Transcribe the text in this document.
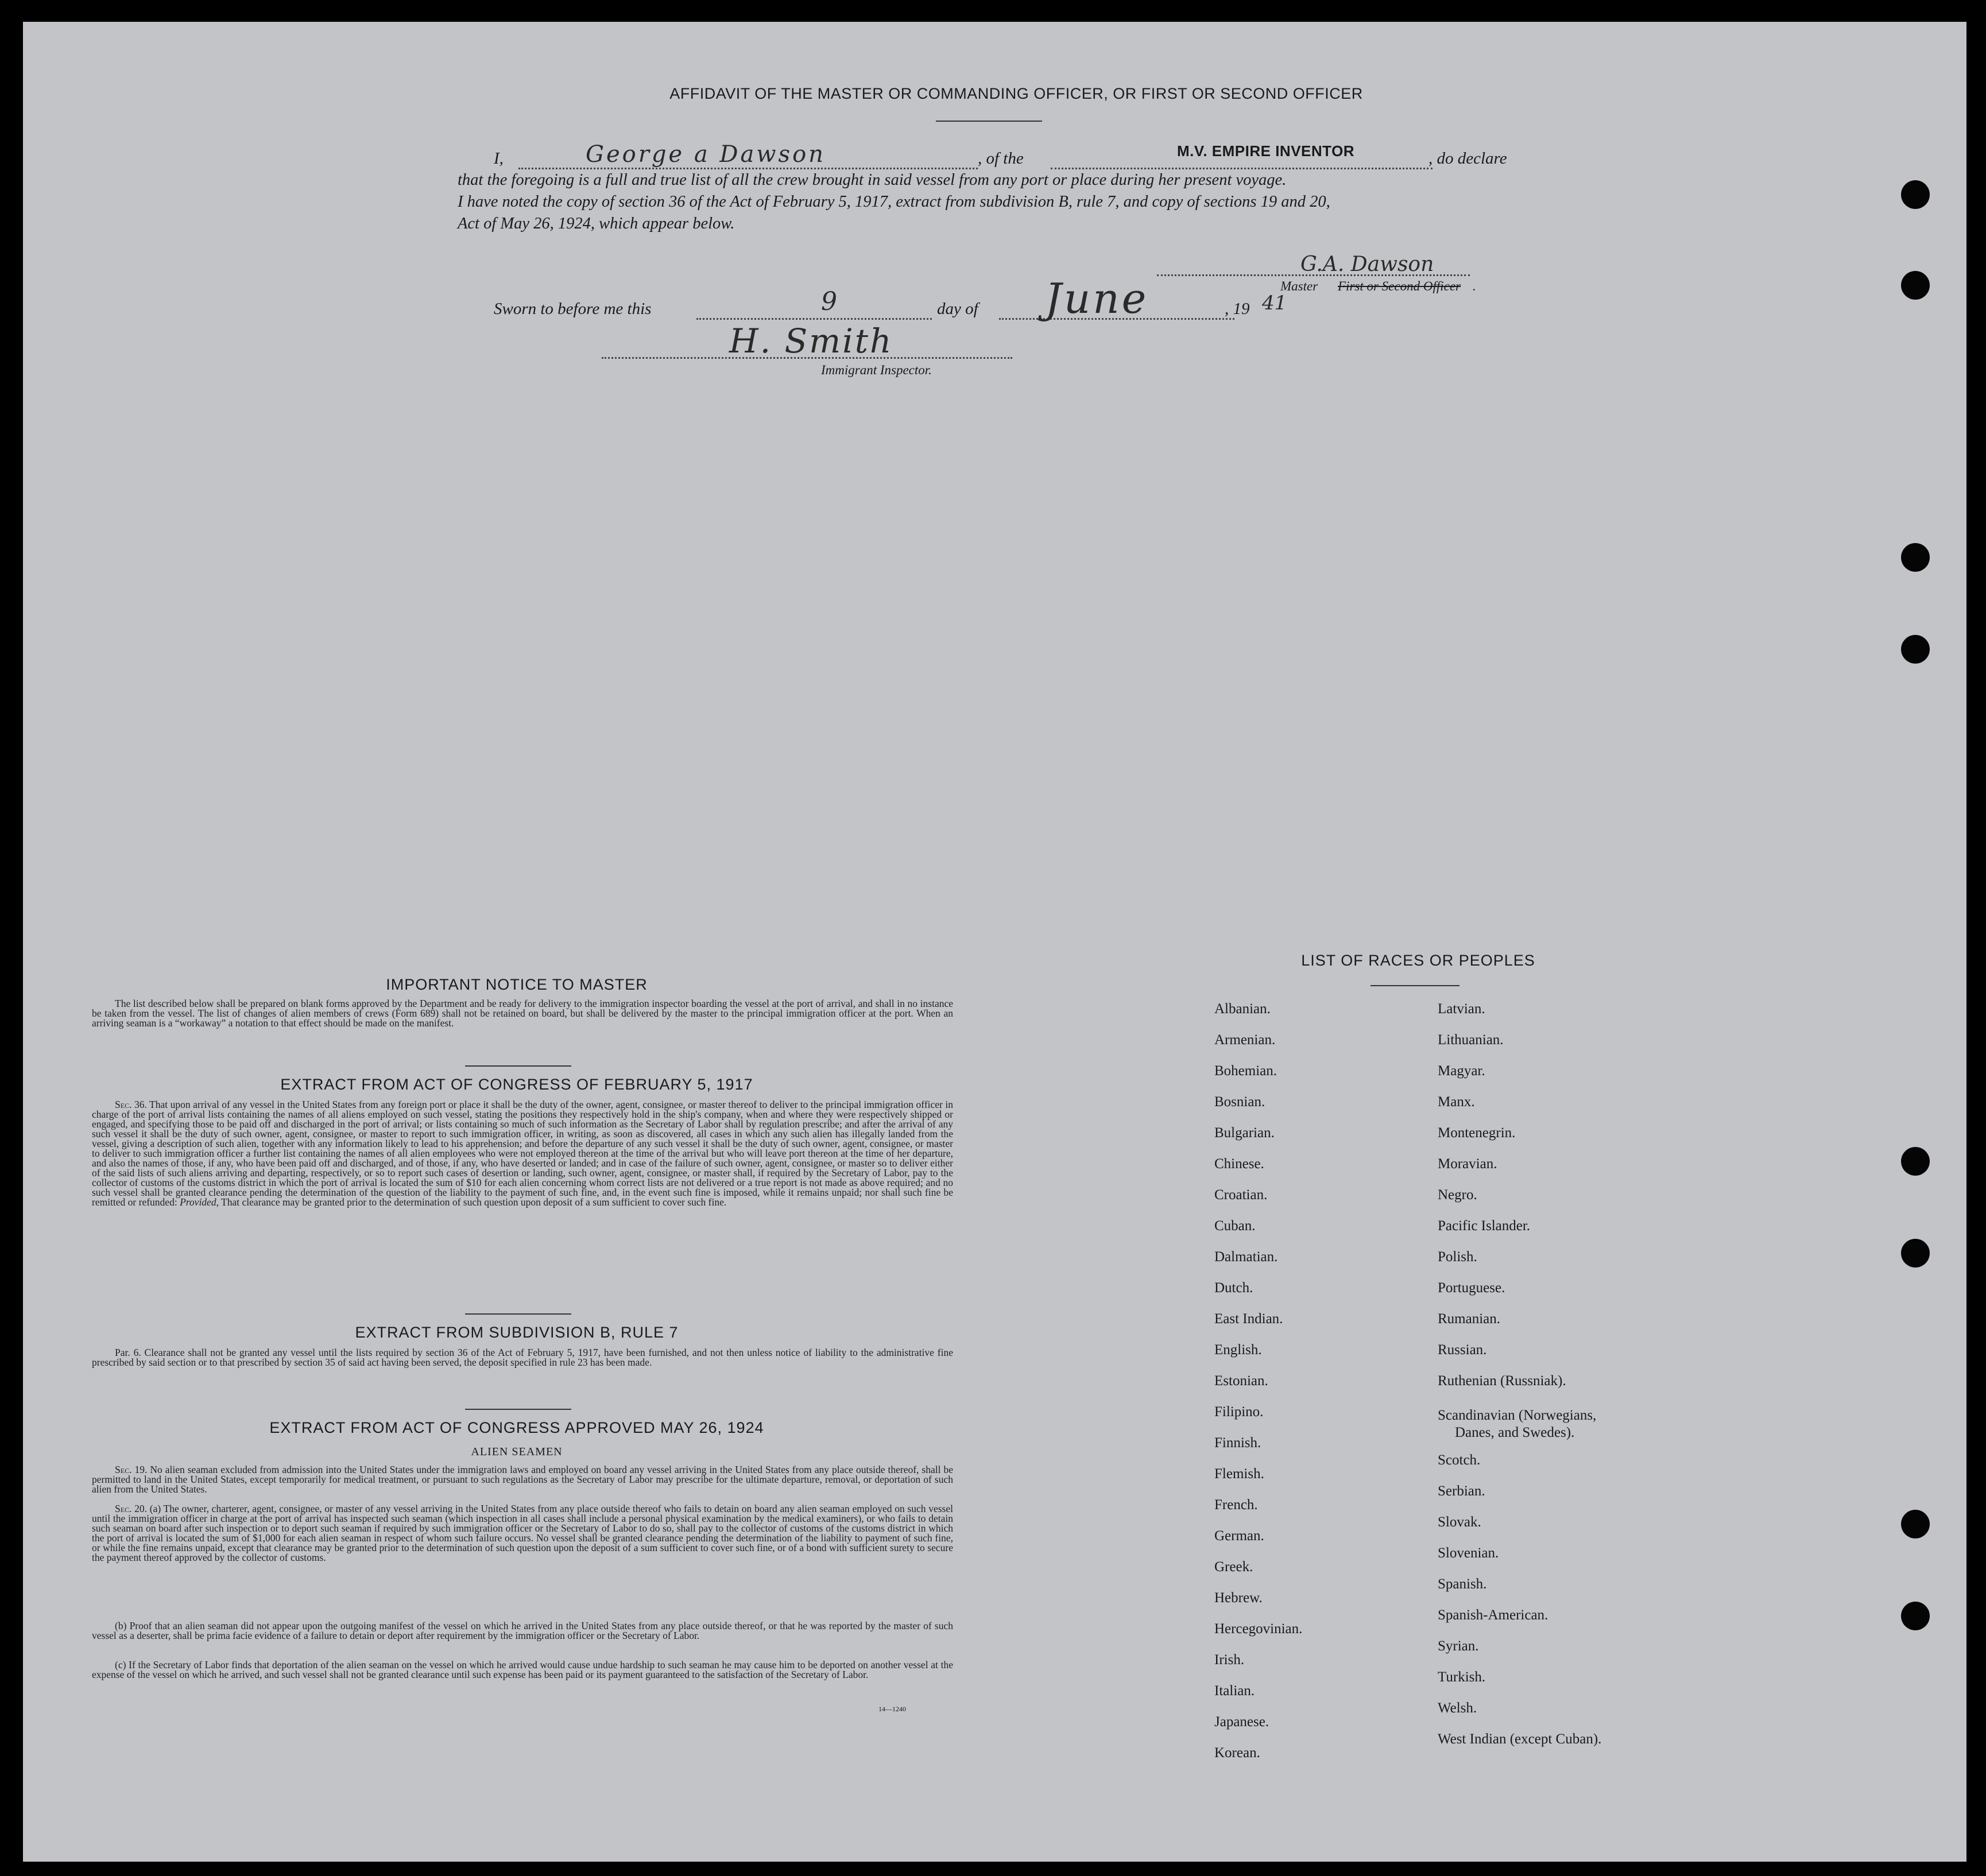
AFFIDAVIT OF THE MASTER OR COMMANDING OFFICER, OR FIRST OR SECOND OFFICER
I,	George a Dawson	, of the	M.V. EMPIRE INVENTOR	, do declare
that the foregoing is a full and true list of all the crew brought in said vessel from any port or place during her present voyage.
I have noted the copy of section 36 of the Act of February 5, 1917, extract from subdivision B, rule 7, and copy of sections 19 and 20,
Act of May 26, 1924, which appear below.
G.A. Dawson
Master First or Second Officer .
Sworn to before me this	9	day of June	, 19 41
H. Smith
Immigrant Inspector.
IMPORTANT NOTICE TO MASTER
The list described below shall be prepared on blank forms approved by the Department and be ready for delivery to the immigration inspector boarding the vessel at the port of arrival, and shall in no instance be taken from the vessel. The list of changes of alien members of crews (Form 689) shall not be retained on board, but shall be delivered by the master to the principal immigration officer at the port. When an arriving seaman is a “workaway” a notation to that effect should be made on the manifest.
EXTRACT FROM ACT OF CONGRESS OF FEBRUARY 5, 1917
Sec. 36. That upon arrival of any vessel in the United States from any foreign port or place it shall be the duty of the owner, agent, consignee, or master thereof to deliver to the principal immigration officer in charge of the port of arrival lists containing the names of all aliens employed on such vessel, stating the positions they respectively hold in the ship's company, when and where they were respectively shipped or engaged, and specifying those to be paid off and discharged in the port of arrival; or lists containing so much of such information as the Secretary of Labor shall by regulation prescribe; and after the arrival of any such vessel it shall be the duty of such owner, agent, consignee, or master to report to such immigration officer, in writing, as soon as discovered, all cases in which any such alien has illegally landed from the vessel, giving a description of such alien, together with any information likely to lead to his apprehension; and before the departure of any such vessel it shall be the duty of such owner, agent, consignee, or master to deliver to such immigration officer a further list containing the names of all alien employees who were not employed thereon at the time of the arrival but who will leave port thereon at the time of her departure, and also the names of those, if any, who have been paid off and discharged, and of those, if any, who have deserted or landed; and in case of the failure of such owner, agent, consignee, or master so to deliver either of the said lists of such aliens arriving and departing, respectively, or so to report such cases of desertion or landing, such owner, agent, consignee, or master shall, if required by the Secretary of Labor, pay to the collector of customs of the customs district in which the port of arrival is located the sum of $10 for each alien concerning whom correct lists are not delivered or a true report is not made as above required; and no such vessel shall be granted clearance pending the determination of the question of the liability to the payment of such fine, and, in the event such fine is imposed, while it remains unpaid; nor shall such fine be remitted or refunded: Provided, That clearance may be granted prior to the determination of such question upon deposit of a sum sufficient to cover such fine.
EXTRACT FROM SUBDIVISION B, RULE 7
Par. 6. Clearance shall not be granted any vessel until the lists required by section 36 of the Act of February 5, 1917, have been furnished, and not then unless notice of liability to the administrative fine prescribed by said section or to that prescribed by section 35 of said act having been served, the deposit specified in rule 23 has been made.
EXTRACT FROM ACT OF CONGRESS APPROVED MAY 26, 1924
ALIEN SEAMEN
Sec. 19. No alien seaman excluded from admission into the United States under the immigration laws and employed on board any vessel arriving in the United States from any place outside thereof, shall be permitted to land in the United States, except temporarily for medical treatment, or pursuant to such regulations as the Secretary of Labor may prescribe for the ultimate departure, removal, or deportation of such alien from the United States.
Sec. 20. (a) The owner, charterer, agent, consignee, or master of any vessel arriving in the United States from any place outside thereof who fails to detain on board any alien seaman employed on such vessel until the immigration officer in charge at the port of arrival has inspected such seaman (which inspection in all cases shall include a personal physical examination by the medical examiners), or who fails to detain such seaman on board after such inspection or to deport such seaman if required by such immigration officer or the Secretary of Labor to do so, shall pay to the collector of customs of the customs district in which the port of arrival is located the sum of $1,000 for each alien seaman in respect of whom such failure occurs. No vessel shall be granted clearance pending the determination of the liability to payment of such fine, or while the fine remains unpaid, except that clearance may be granted prior to the determination of such question upon the deposit of a sum sufficient to cover such fine, or of a bond with sufficient surety to secure the payment thereof approved by the collector of customs.
(b) Proof that an alien seaman did not appear upon the outgoing manifest of the vessel on which he arrived in the United States from any place outside thereof, or that he was reported by the master of such vessel as a deserter, shall be prima facie evidence of a failure to detain or deport after requirement by the immigration officer or the Secretary of Labor.
(c) If the Secretary of Labor finds that deportation of the alien seaman on the vessel on which he arrived would cause undue hardship to such seaman he may cause him to be deported on another vessel at the expense of the vessel on which he arrived, and such vessel shall not be granted clearance until such expense has been paid or its payment guaranteed to the satisfaction of the Secretary of Labor.
14—1240
LIST OF RACES OR PEOPLES
Albanian.
Armenian.
Bohemian.
Bosnian.
Bulgarian.
Chinese.
Croatian.
Cuban.
Dalmatian.
Dutch.
East Indian.
English.
Estonian.
Filipino.
Finnish.
Flemish.
French.
German.
Greek.
Hebrew.
Hercegovinian.
Irish.
Italian.
Japanese.
Korean.
Latvian.
Lithuanian.
Magyar.
Manx.
Montenegrin.
Moravian.
Negro.
Pacific Islander.
Polish.
Portuguese.
Rumanian.
Russian.
Ruthenian (Russniak).
Scandinavian (Norwegians,
Danes, and Swedes).
Scotch.
Serbian.
Slovak.
Slovenian.
Spanish.
Spanish-American.
Syrian.
Turkish.
Welsh.
West Indian (except Cuban).
